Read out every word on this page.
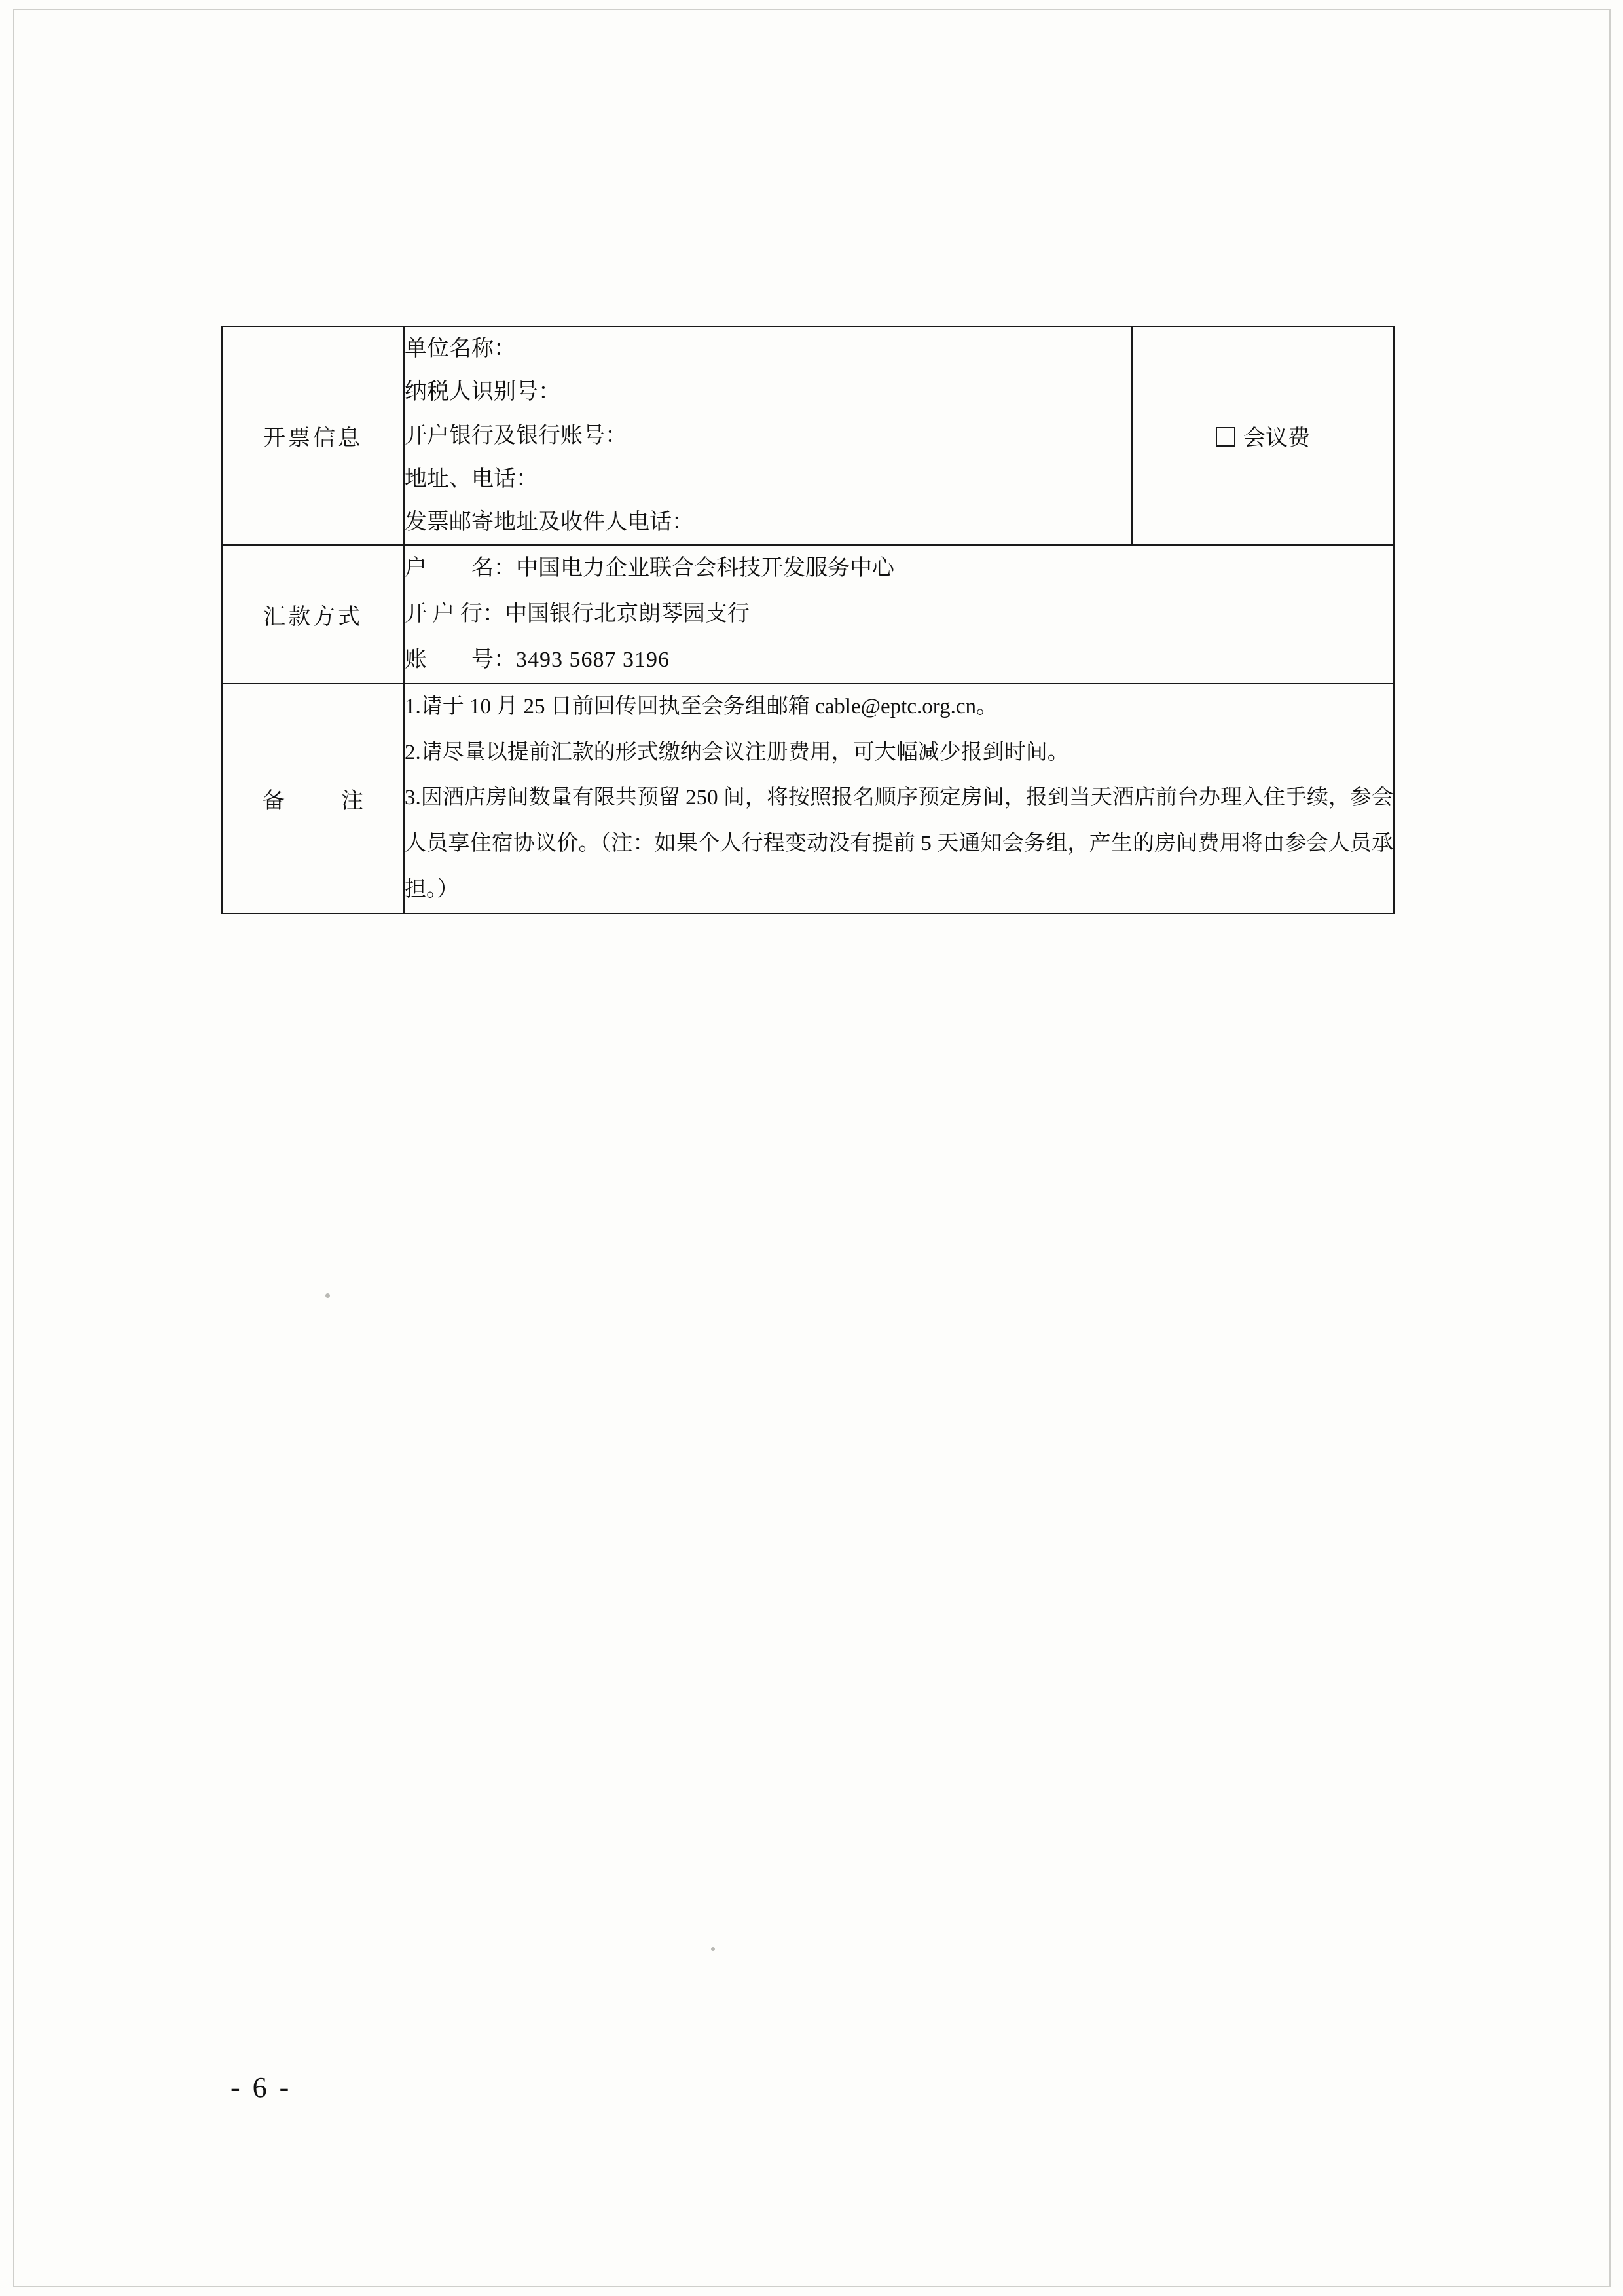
开票信息	单位名称：
纳税人识别号：
开户银行及银行账号：
地址、电话：
发票邮寄地址及收件人电话：	会议费
汇款方式	户　　名：中国电力企业联合会科技开发服务中心
开 户 行：中国银行北京朗琴园支行
账　　号：3493 5687 3196	

备　注	1.请于 10 月 25 日前回传回执至会务组邮箱 cable@eptc.org.cn。

2.请尽量以提前汇款的形式缴纳会议注册费用，可大幅减少报到时间。

3.因酒店房间数量有限共预留 250 间，将按照报名顺序预定房间，报到当天酒店前台办理入住手续，参会人员享住宿协议价。（注：如果个人行程变动没有提前 5 天通知会务组，产生的房间费用将由参会人员承担。）	

- 6 -
